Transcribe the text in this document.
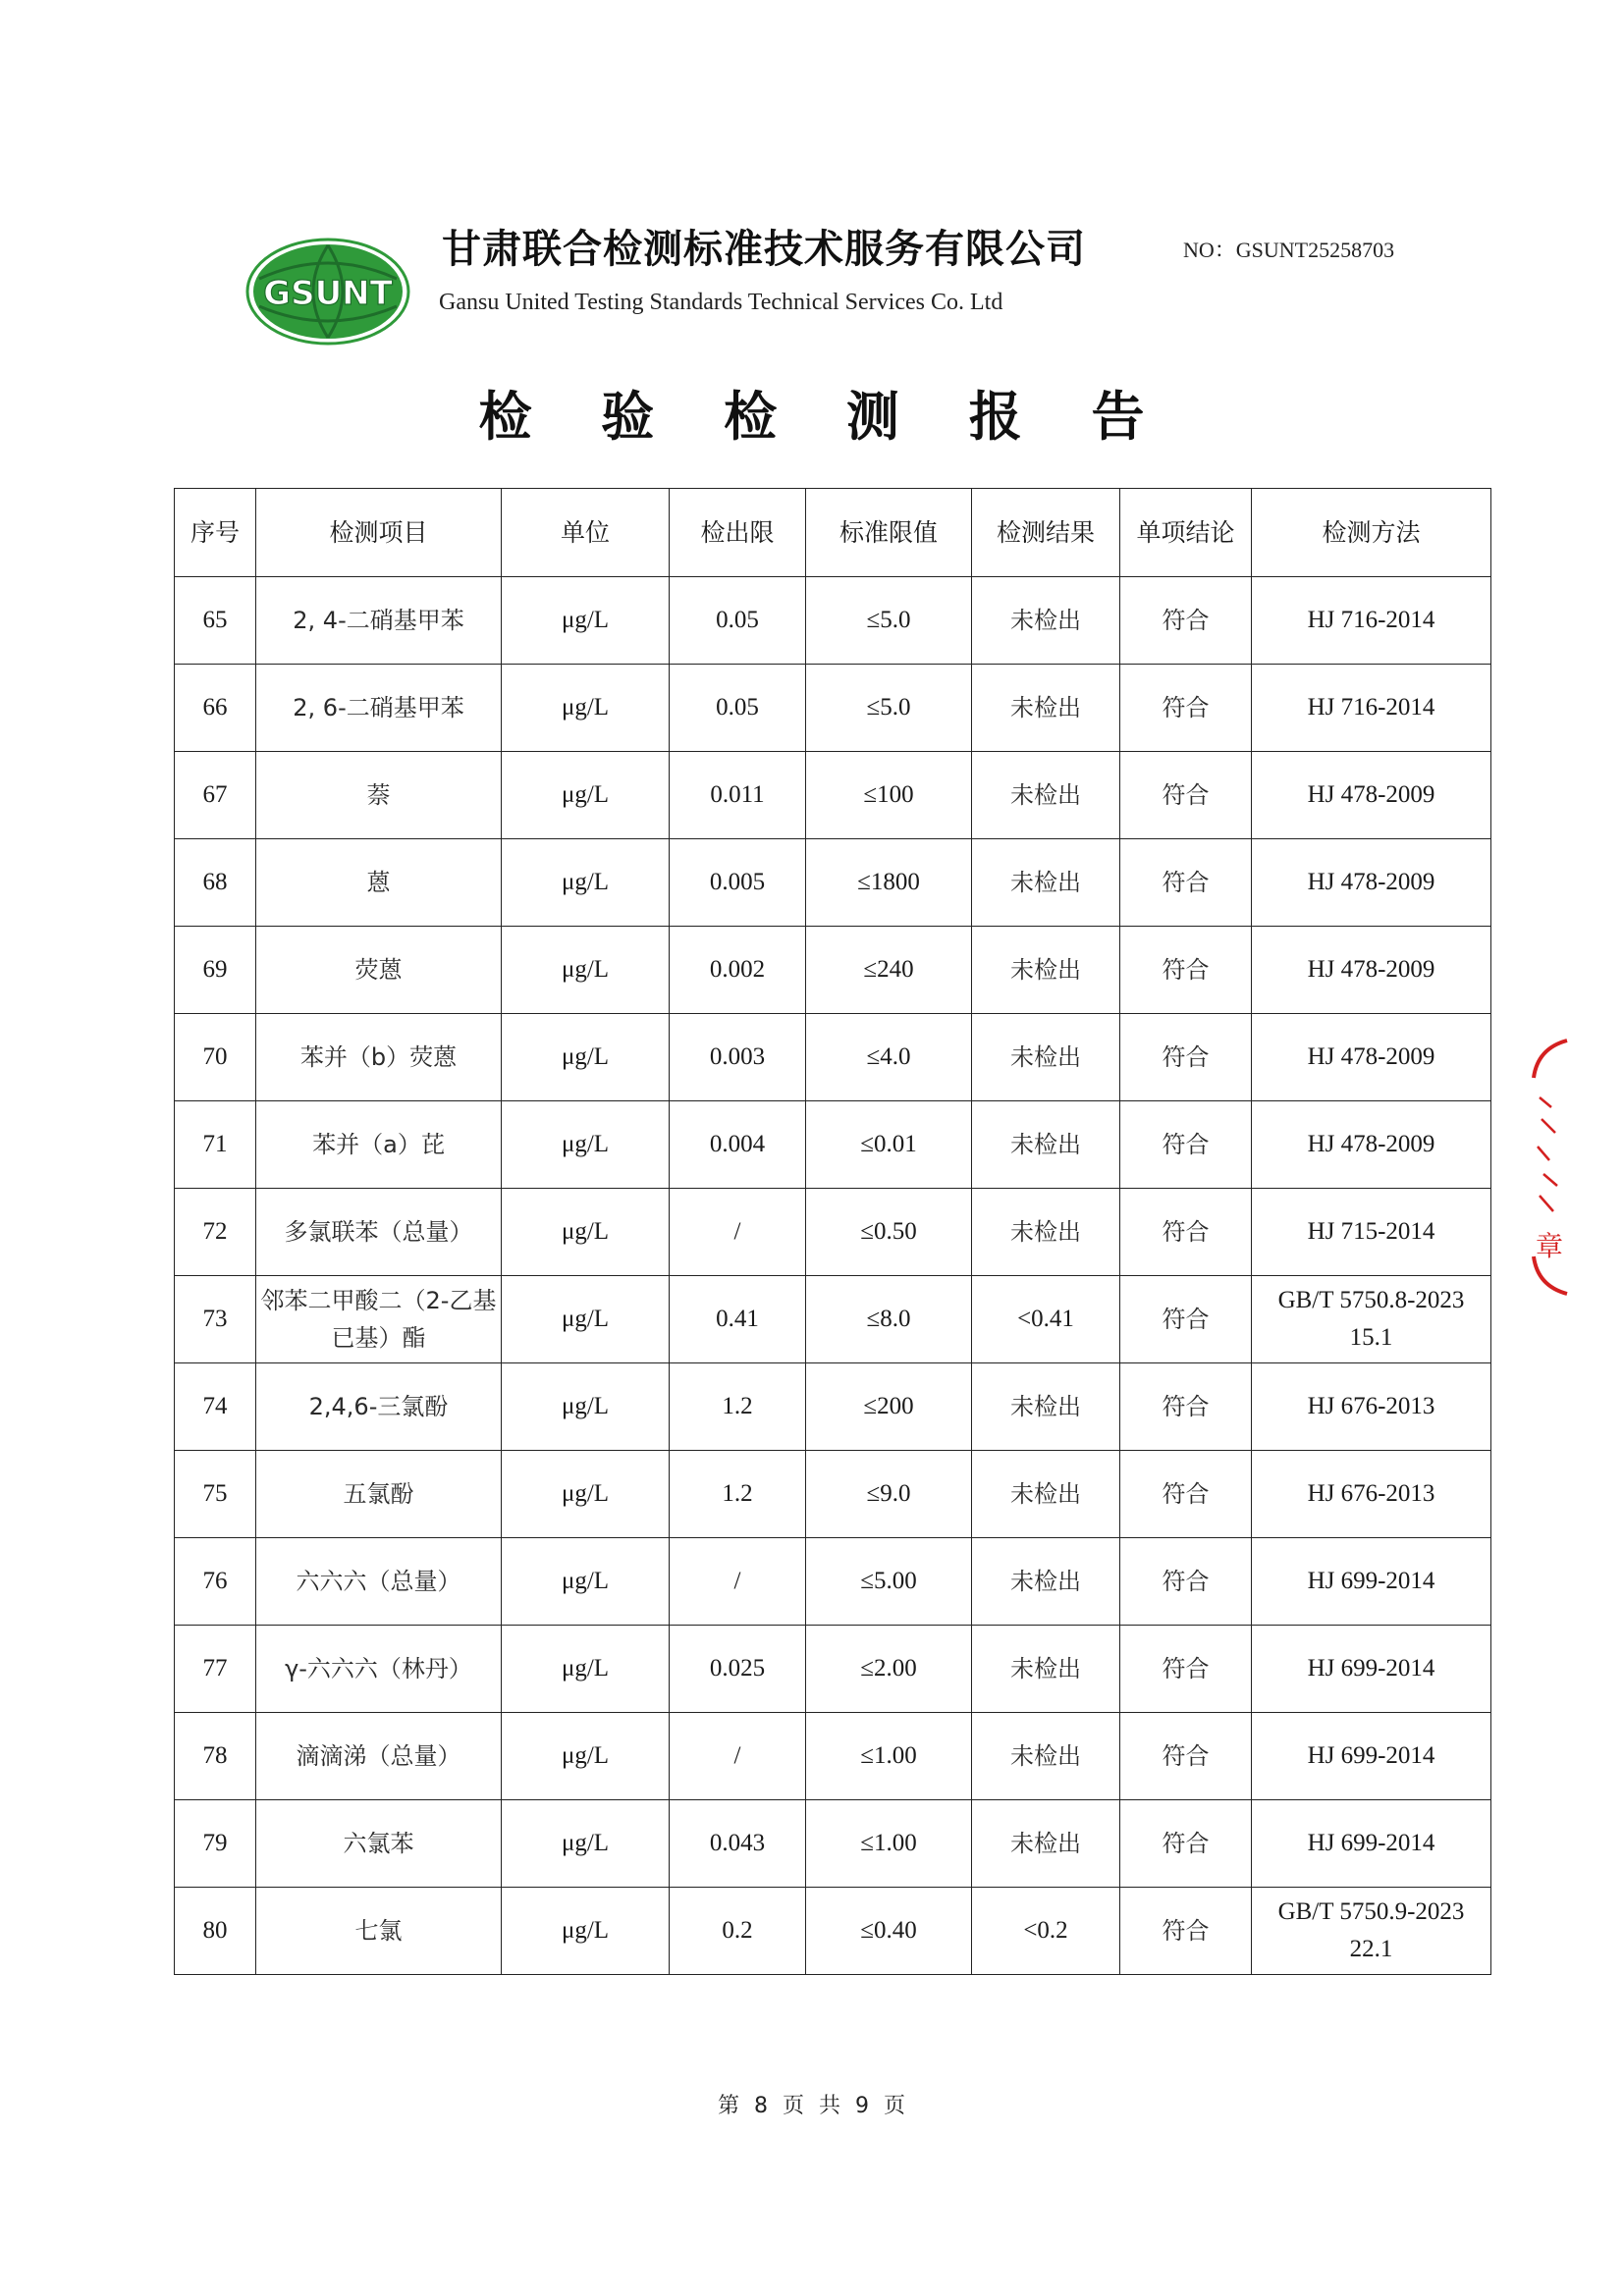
GSUNT
甘肃联合检测标准技术服务有限公司
Gansu United Testing Standards Technical Services Co. Ltd
NO：GSUNT25258703
检 验 检 测 报 告
序号	检测项目	单位	检出限	标准限值	检测结果	单项结论	检测方法
65	2, 4-二硝基甲苯	μg/L	0.05	≤5.0	未检出	符合	HJ 716-2014
66	2, 6-二硝基甲苯	μg/L	0.05	≤5.0	未检出	符合	HJ 716-2014
67	萘	μg/L	0.011	≤100	未检出	符合	HJ 478-2009
68	蒽	μg/L	0.005	≤1800	未检出	符合	HJ 478-2009
69	荧蒽	μg/L	0.002	≤240	未检出	符合	HJ 478-2009
70	苯并（b）荧蒽	μg/L	0.003	≤4.0	未检出	符合	HJ 478-2009
71	苯并（a）芘	μg/L	0.004	≤0.01	未检出	符合	HJ 478-2009
72	多氯联苯（总量）	μg/L	/	≤0.50	未检出	符合	HJ 715-2014
73	邻苯二甲酸二（2-乙基已基）酯	μg/L	0.41	≤8.0	<0.41	符合	GB/T 5750.8-2023 15.1
74	2,4,6-三氯酚	μg/L	1.2	≤200	未检出	符合	HJ 676-2013
75	五氯酚	μg/L	1.2	≤9.0	未检出	符合	HJ 676-2013
76	六六六（总量）	μg/L	/	≤5.00	未检出	符合	HJ 699-2014
77	γ-六六六（林丹）	μg/L	0.025	≤2.00	未检出	符合	HJ 699-2014
78	滴滴涕（总量）	μg/L	/	≤1.00	未检出	符合	HJ 699-2014
79	六氯苯	μg/L	0.043	≤1.00	未检出	符合	HJ 699-2014
80	七氯	μg/L	0.2	≤0.40	<0.2	符合	GB/T 5750.9-2023 22.1
第 8 页 共 9 页
章
